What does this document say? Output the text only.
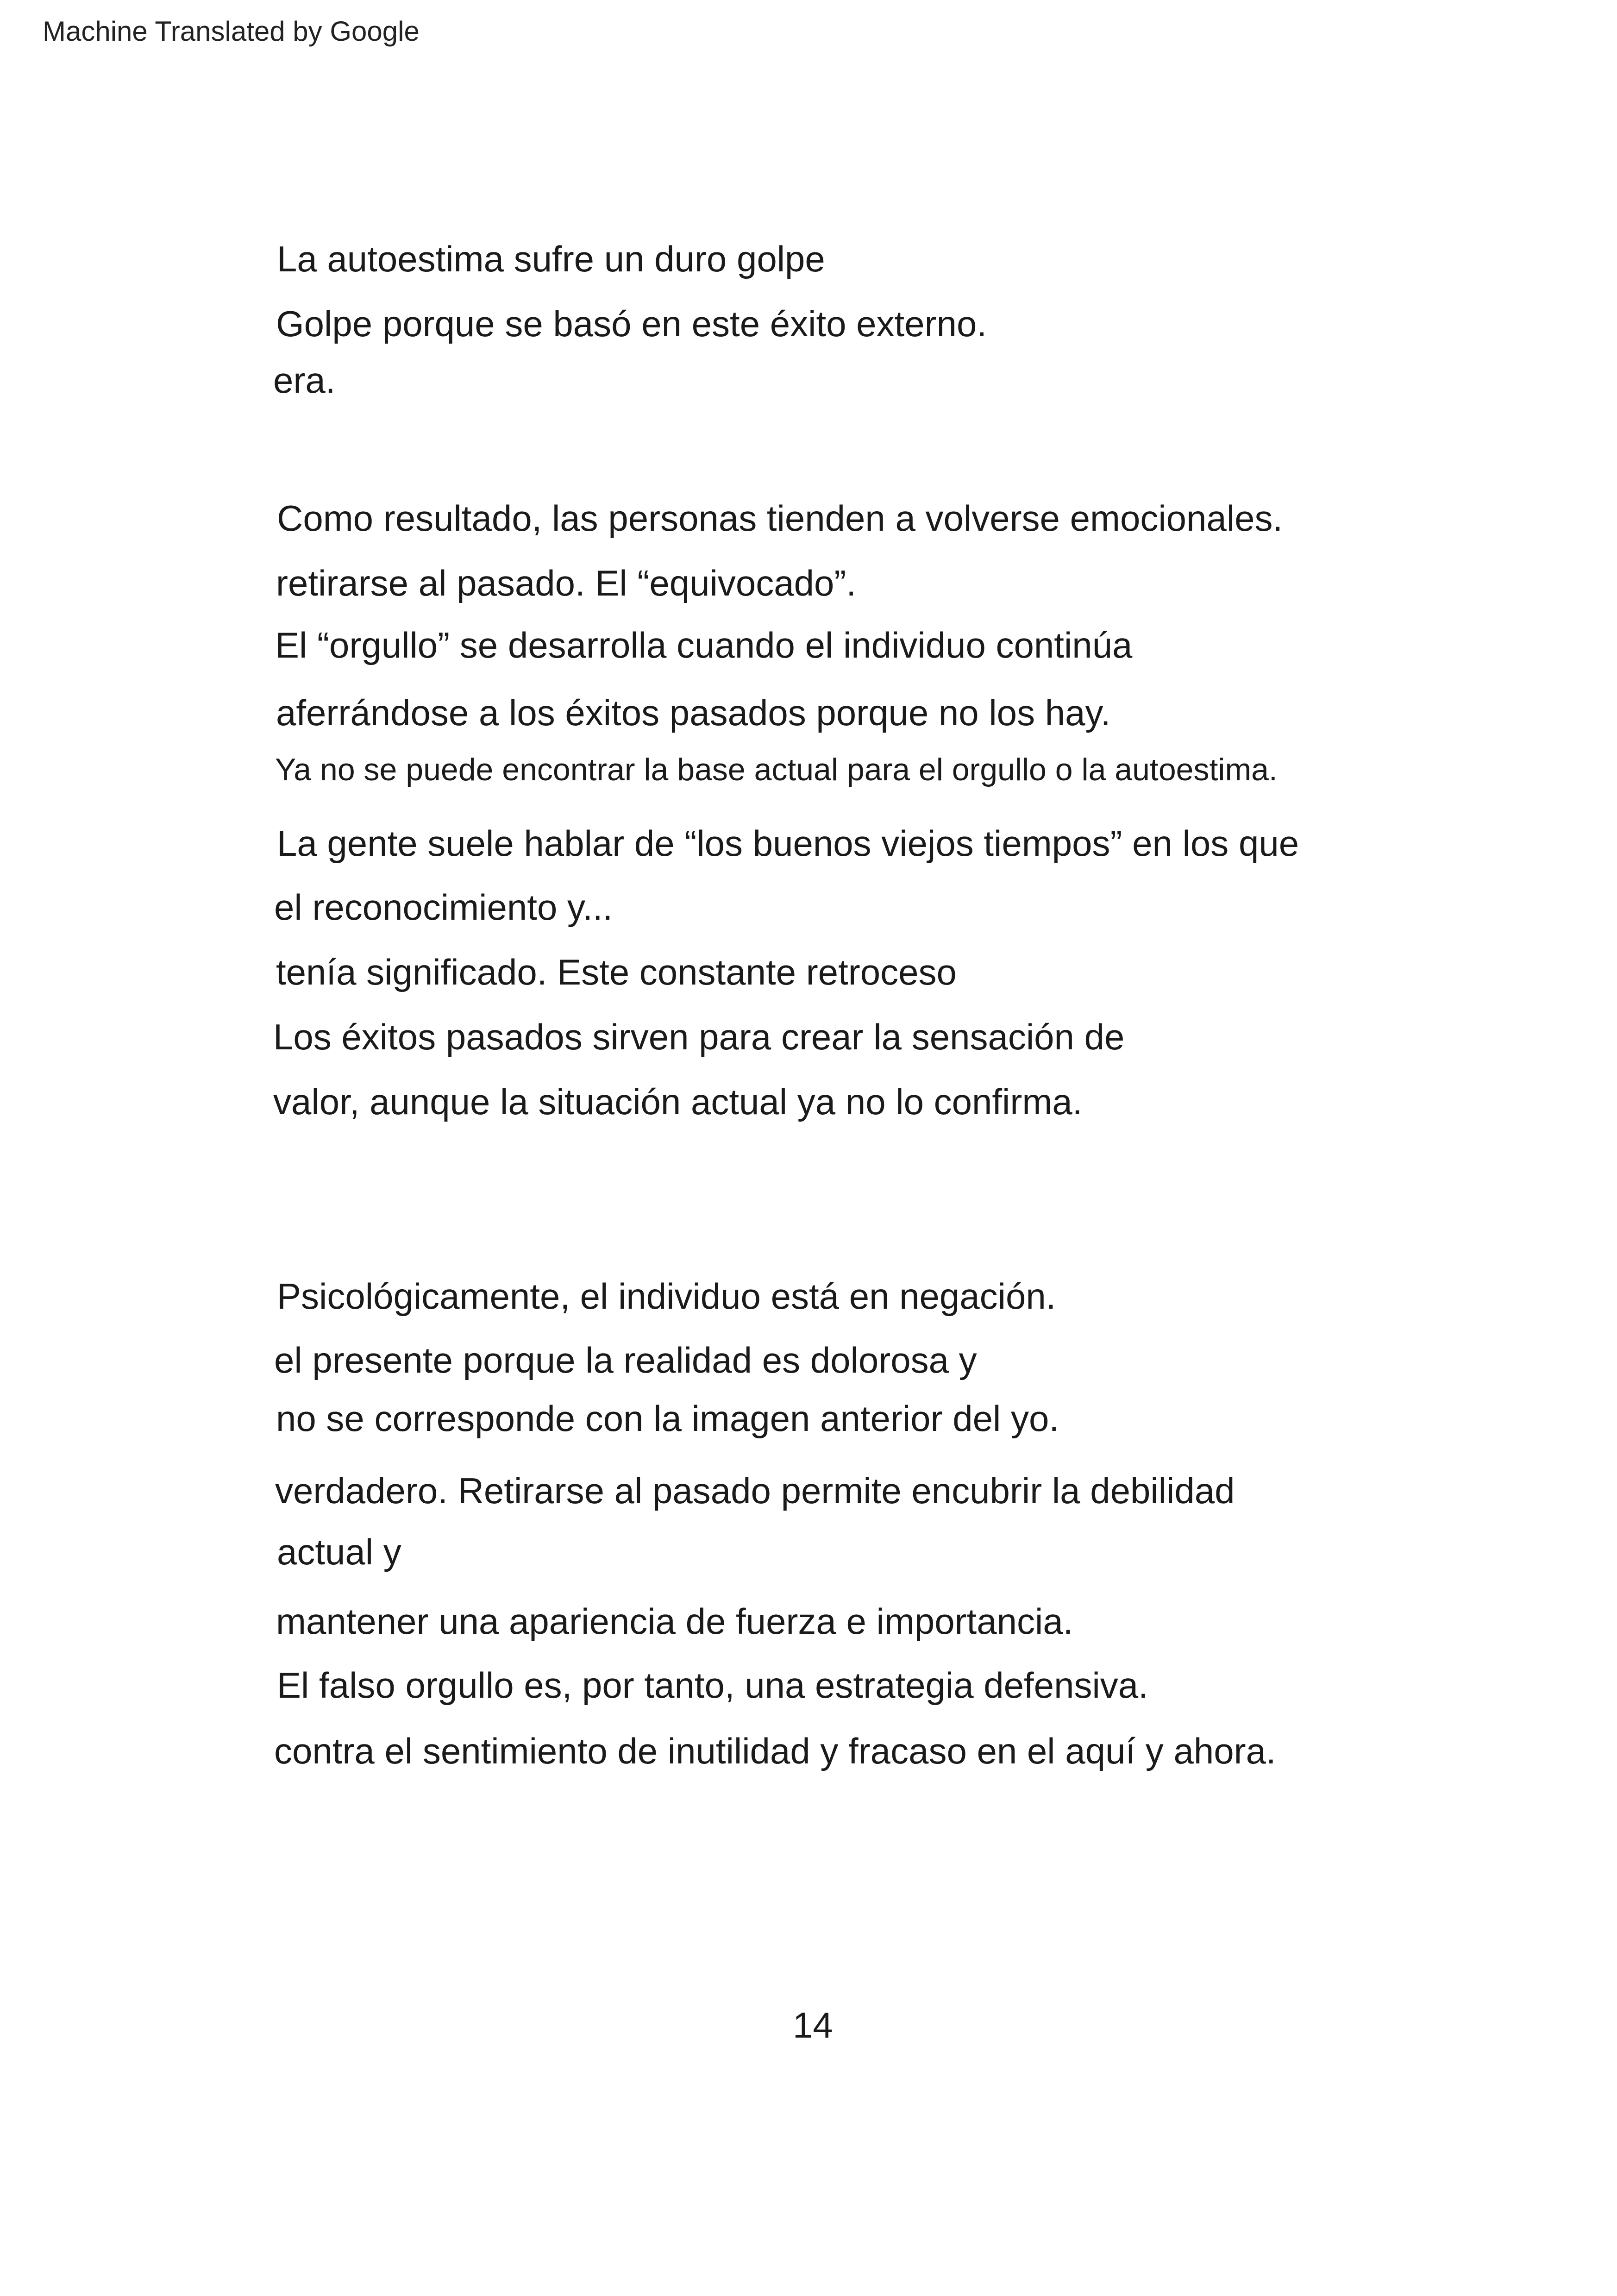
Machine Translated by Google
La autoestima sufre un duro golpe
Golpe porque se basó en este éxito externo.
era.
Como resultado, las personas tienden a volverse emocionales.
retirarse al pasado. El “equivocado”.
El “orgullo” se desarrolla cuando el individuo continúa
aferrándose a los éxitos pasados porque no los hay.
Ya no se puede encontrar la base actual para el orgullo o la autoestima.
La gente suele hablar de “los buenos viejos tiempos” en los que
el reconocimiento y...
tenía significado. Este constante retroceso
Los éxitos pasados sirven para crear la sensación de
valor, aunque la situación actual ya no lo confirma.
Psicológicamente, el individuo está en negación.
el presente porque la realidad es dolorosa y
no se corresponde con la imagen anterior del yo.
verdadero. Retirarse al pasado permite encubrir la debilidad
actual y
mantener una apariencia de fuerza e importancia.
El falso orgullo es, por tanto, una estrategia defensiva.
contra el sentimiento de inutilidad y fracaso en el aquí y ahora.
14
